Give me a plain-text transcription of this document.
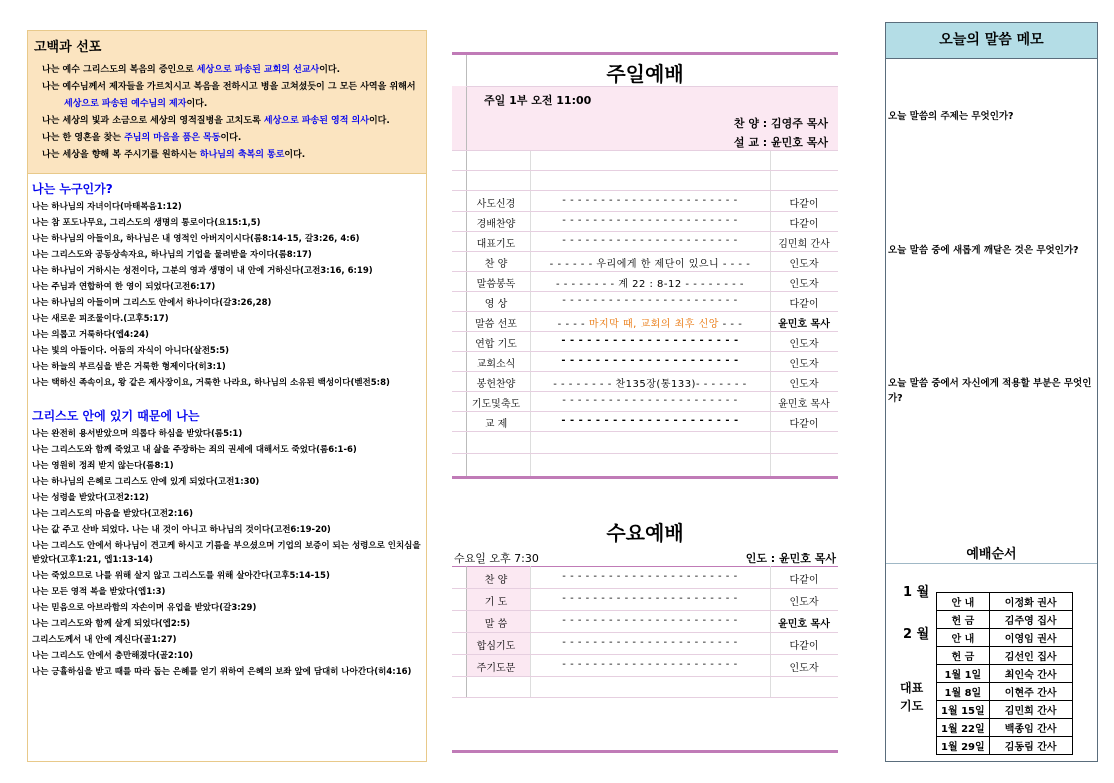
고백과 선포
나는 예수 그리스도의 복음의 증인으로 세상으로 파송된 교회의 선교사이다.
나는 예수님께서 제자들을 가르치시고 복음을 전하시고 병을 고쳐셨듯이 그 모든 사역을 위해서
세상으로 파송된 예수님의 제자이다.
나는 세상의 빛과 소금으로 세상의 영적질병을 고치도록 세상으로 파송된 영적 의사이다.
나는 한 영혼을 찾는 주님의 마음을 품은 목동이다.
나는 세상을 향해 복 주시기를 원하시는 하나님의 축복의 통로이다.
나는 누구인가?
나는 하나님의 자녀이다(마태복음1:12)
나는 참 포도나무요, 그리스도의 생명의 통로이다(요15:1,5)
나는 하나님의 아들이요, 하나님은 내 영적인 아버지이시다(롬8:14-15, 갈3:26, 4:6)
나는 그리스도와 공동상속자요, 하나님의 기업을 물려받을 자이다(롬8:17)
나는 하나님이 거하시는 성전이다, 그분의 영과 생명이 내 안에 거하신다(고전3:16, 6:19)
나는 주님과 연합하여 한 영이 되었다(고전6:17)
나는 하나님의 아들이며 그리스도 안에서 하나이다(갈3:26,28)
나는 새로운 피조물이다.(고후5:17)
나는 의롭고 거룩하다(엡4:24)
나는 빛의 아들이다. 어둠의 자식이 아니다(살전5:5)
나는 하늘의 부르심을 받은 거룩한 형제이다(히3:1)
나는 택하신 족속이요, 왕 같은 제사장이요, 거룩한 나라요, 하나님의 소유된 백성이다(벧전5:8)
그리스도 안에 있기 때문에 나는
나는 완전히 용서받았으며 의롭다 하심을 받았다(롬5:1)
나는 그리스도와 함께 죽었고 내 삶을 주장하는 죄의 권세에 대해서도 죽었다(롬6:1-6)
나는 영원히 정죄 받지 않는다(롬8:1)
나는 하나님의 은혜로 그리스도 안에 있게 되었다(고전1:30)
나는 성령을 받았다(고전2:12)
나는 그리스도의 마음을 받았다(고전2:16)
나는 값 주고 산바 되었다. 나는 내 것이 아니고 하나님의 것이다(고전6:19-20)
나는 그리스도 안에서 하나님이 견고케 하시고 기름을 부으셨으며 기업의 보증이 되는 성령으로 인치심을 받았다(고후1:21, 엡1:13-14)
나는 죽었으므로 나를 위해 살지 않고 그리스도를 위해 살아간다(고후5:14-15)
나는 모든 영적 복을 받았다(엡1:3)
나는 믿음으로 아브라함의 자손이며 유업을 받았다(갈3:29)
나는 그리스도와 함께 살게 되었다(엡2:5)
그리스도께서 내 안에 계신다(골1:27)
나는 그리스도 안에서 충만해졌다(골2:10)
나는 긍휼하심을 받고 때를 따라 돕는 은혜를 얻기 위하여 은혜의 보좌 앞에 담대히 나아간다(히4:16)
주일예배
주일 1부 오전 11:00
찬 양 : 김영주 목사
설 교 : 윤민호 목사
사도신경	- - - - - - - - - - - - - - - - - - - - - - -	다같이
경배찬양	- - - - - - - - - - - - - - - - - - - - - - -	다같이
대표기도	- - - - - - - - - - - - - - - - - - - - - - -	김민희 간사
찬 양	- - - - - - 우리에게 한 제단이 있으니 - - - -	인도자
말씀봉독	- - - - - - - - 계 22 : 8-12 - - - - - - - -	인도자
영 상	- - - - - - - - - - - - - - - - - - - - - - -	다같이
말씀 선포	- - - - 마지막 때, 교회의 최후 신앙 - - -	윤민호 목사
연합 기도	- - - - - - - - - - - - - - - - - - - - -	인도자
교회소식	- - - - - - - - - - - - - - - - - - - - -	인도자
봉헌찬양	- - - - - - - - 찬135장(통133)- - - - - - -	인도자
기도및축도	- - - - - - - - - - - - - - - - - - - - - - -	윤민호 목사
교 제	- - - - - - - - - - - - - - - - - - - - -	다같이
수요예배
수요일 오후 7:30	인도 : 윤민호 목사
찬 양	- - - - - - - - - - - - - - - - - - - - - - -	다같이
기 도	- - - - - - - - - - - - - - - - - - - - - - -	인도자
말 씀	- - - - - - - - - - - - - - - - - - - - - - -	윤민호 목사
합심기도	- - - - - - - - - - - - - - - - - - - - - - -	다같이
주기도문	- - - - - - - - - - - - - - - - - - - - - - -	인도자
오늘의 말씀 메모
오늘 말씀의 주제는 무엇인가?
오늘 말씀 중에 새롭게 깨달은 것은 무엇인가?
오늘 말씀 중에서 자신에게 적용할 부분은 무엇인가?
예배순서
1 월
2 월
대표
기도
안 내	이정화 권사
헌 금	김주영 집사
안 내	이영임 권사
헌 금	김선인 집사
1월 1일	최인숙 간사
1월 8일	이현주 간사
1월 15일	김민희 간사
1월 22일	백종임 간사
1월 29일	김동림 간사
